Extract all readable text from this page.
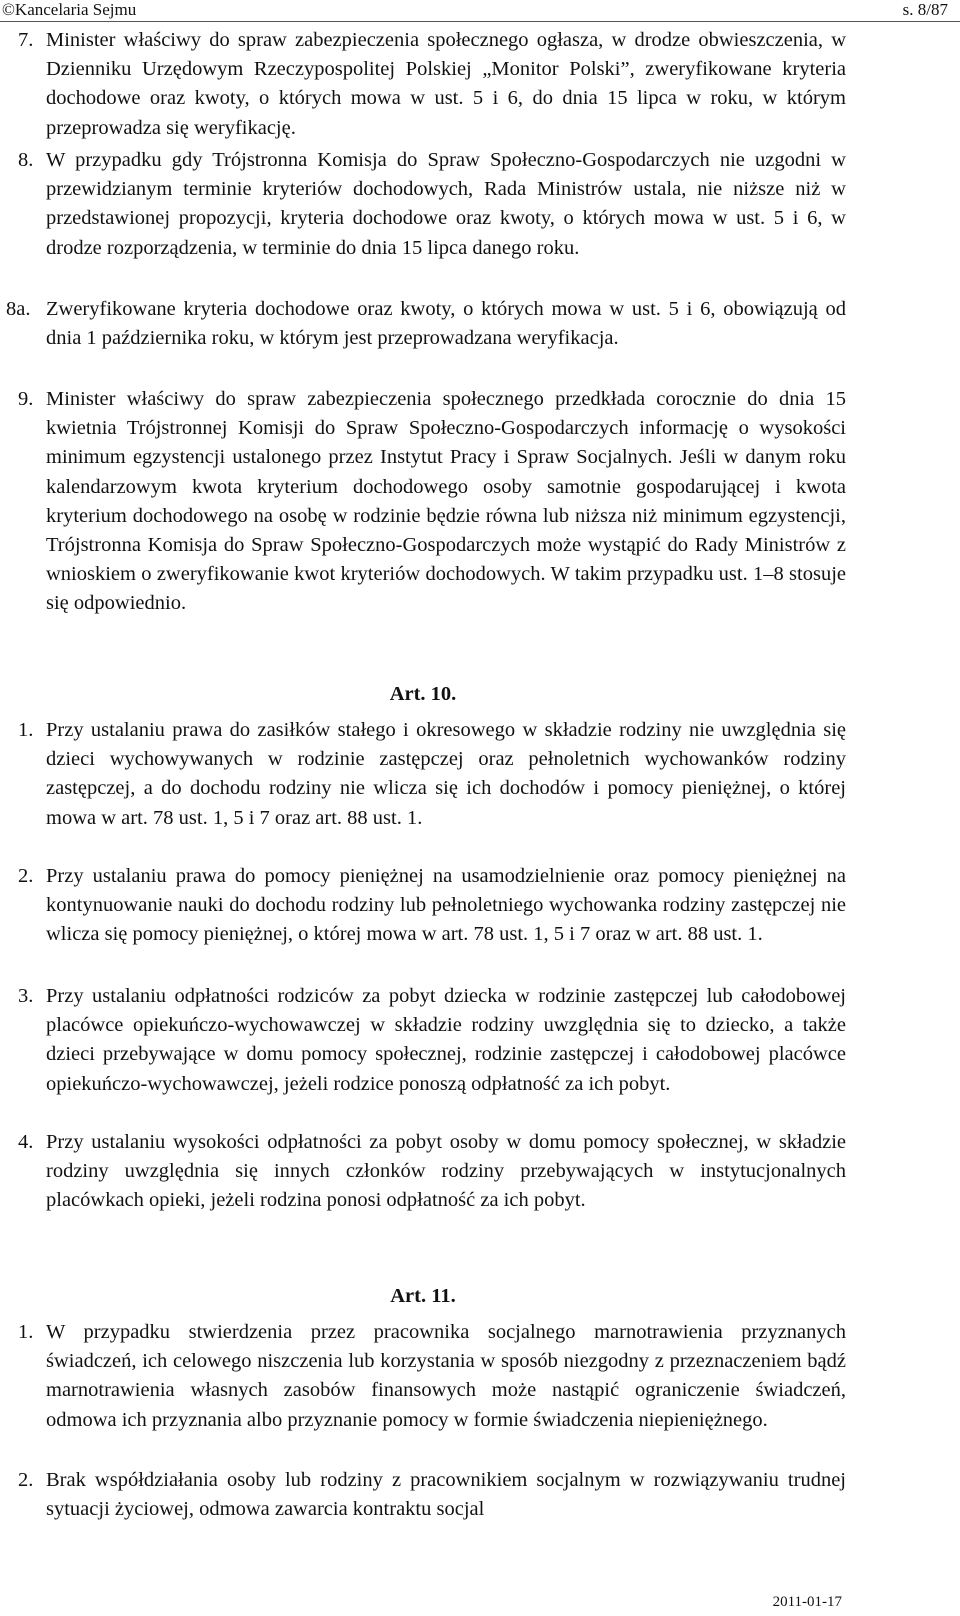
©Kancelaria Sejmu	s. 8/87
7. Minister właściwy do spraw zabezpieczenia społecznego ogłasza, w drodze obwieszczenia, w Dzienniku Urzędowym Rzeczypospolitej Polskiej „Monitor Polski”, zweryfikowane kryteria dochodowe oraz kwoty, o których mowa w ust. 5 i 6, do dnia 15 lipca w roku, w którym przeprowadza się weryfikację.
8. W przypadku gdy Trójstronna Komisja do Spraw Społeczno-Gospodarczych nie uzgodni w przewidzianym terminie kryteriów dochodowych, Rada Ministrów ustala, nie niższe niż w przedstawionej propozycji, kryteria dochodowe oraz kwoty, o których mowa w ust. 5 i 6, w drodze rozporządzenia, w terminie do dnia 15 lipca danego roku.
8a. Zweryfikowane kryteria dochodowe oraz kwoty, o których mowa w ust. 5 i 6, obowiązują od dnia 1 października roku, w którym jest przeprowadzana weryfikacja.
9. Minister właściwy do spraw zabezpieczenia społecznego przedkłada corocznie do dnia 15 kwietnia Trójstronnej Komisji do Spraw Społeczno-Gospodarczych informację o wysokości minimum egzystencji ustalonego przez Instytut Pracy i Spraw Socjalnych. Jeśli w danym roku kalendarzowym kwota kryterium dochodowego osoby samotnie gospodarującej i kwota kryterium dochodowego na osobę w rodzinie będzie równa lub niższa niż minimum egzystencji, Trójstronna Komisja do Spraw Społeczno-Gospodarczych może wystąpić do Rady Ministrów z wnioskiem o zweryfikowanie kwot kryteriów dochodowych. W takim przypadku ust. 1–8 stosuje się odpowiednio.
Art. 10.
1. Przy ustalaniu prawa do zasiłków stałego i okresowego w składzie rodziny nie uwzględnia się dzieci wychowywanych w rodzinie zastępczej oraz pełnoletnich wychowanków rodziny zastępczej, a do dochodu rodziny nie wlicza się ich dochodów i pomocy pieniężnej, o której mowa w art. 78 ust. 1, 5 i 7 oraz art. 88 ust. 1.
2. Przy ustalaniu prawa do pomocy pieniężnej na usamodzielnienie oraz pomocy pieniężnej na kontynuowanie nauki do dochodu rodziny lub pełnoletniego wychowanka rodziny zastępczej nie wlicza się pomocy pieniężnej, o której mowa w art. 78 ust. 1, 5 i 7 oraz w art. 88 ust. 1.
3. Przy ustalaniu odpłatności rodziców za pobyt dziecka w rodzinie zastępczej lub całodobowej placówce opiekuńczo-wychowawczej w składzie rodziny uwzględnia się to dziecko, a także dzieci przebywające w domu pomocy społecznej, rodzinie zastępczej i całodobowej placówce opiekuńczo-wychowawczej, jeżeli rodzice ponoszą odpłatność za ich pobyt.
4. Przy ustalaniu wysokości odpłatności za pobyt osoby w domu pomocy społecznej, w składzie rodziny uwzględnia się innych członków rodziny przebywających w instytucjonalnych placówkach opieki, jeżeli rodzina ponosi odpłatność za ich pobyt.
Art. 11.
1. W przypadku stwierdzenia przez pracownika socjalnego marnotrawienia przyznanych świadczeń, ich celowego niszczenia lub korzystania w sposób niezgodny z przeznaczeniem bądź marnotrawienia własnych zasobów finansowych może nastąpić ograniczenie świadczeń, odmowa ich przyznania albo przyznanie pomocy w formie świadczenia niepieniężnego.
2. Brak współdziałania osoby lub rodziny z pracownikiem socjalnym w rozwiązywaniu trudnej sytuacji życiowej, odmowa zawarcia kontraktu socjal
2011-01-17
